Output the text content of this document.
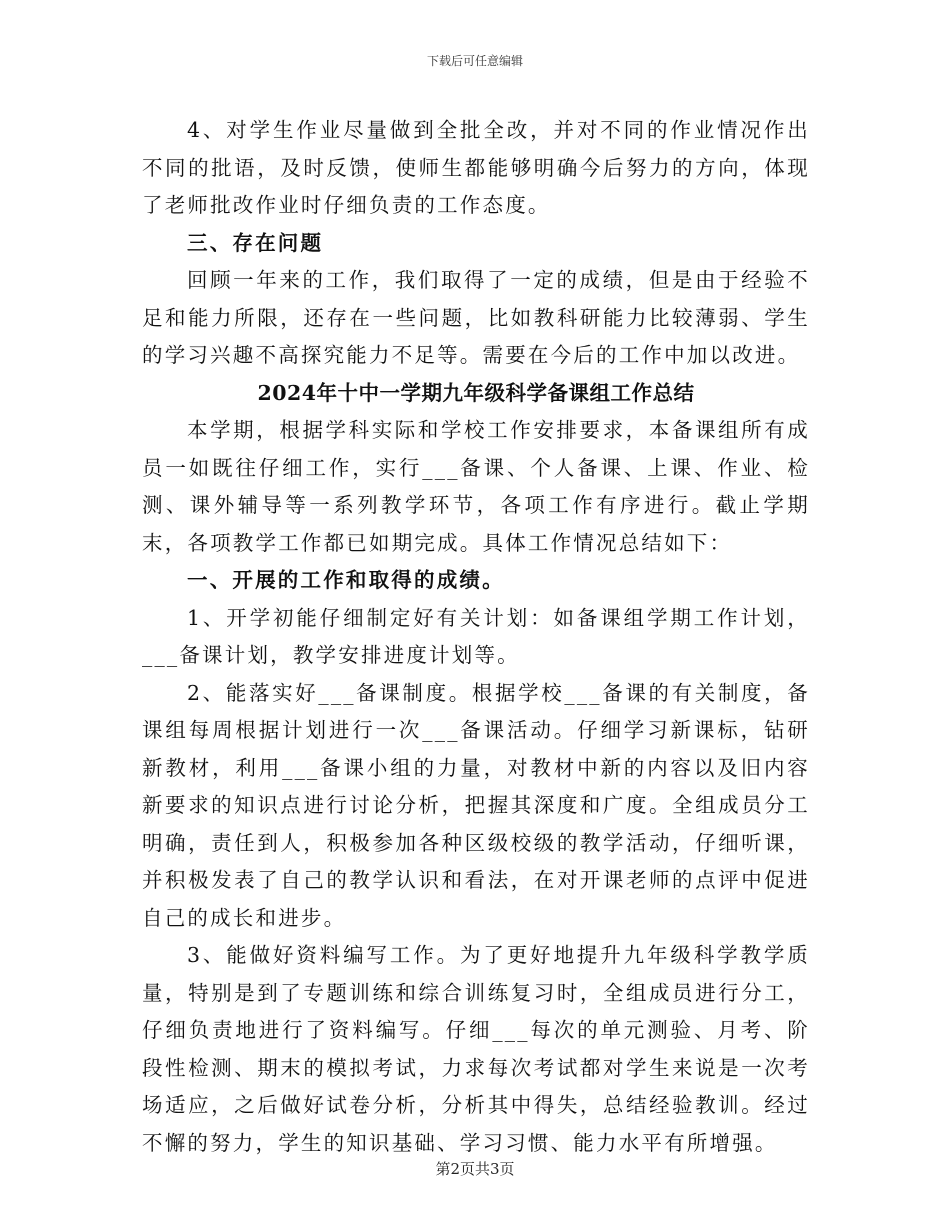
下载后可任意编辑

4、对学生作业尽量做到全批全改，并对不同的作业情况作出不同的批语，及时反馈，使师生都能够明确今后努力的方向，体现了老师批改作业时仔细负责的工作态度。

三、存在问题

回顾一年来的工作，我们取得了一定的成绩，但是由于经验不足和能力所限，还存在一些问题，比如教科研能力比较薄弱、学生的学习兴趣不高探究能力不足等。需要在今后的工作中加以改进。

2024年十中一学期九年级科学备课组工作总结

本学期，根据学科实际和学校工作安排要求，本备课组所有成员一如既往仔细工作，实行___备课、个人备课、上课、作业、检测、课外辅导等一系列教学环节，各项工作有序进行。截止学期末，各项教学工作都已如期完成。具体工作情况总结如下：

一、开展的工作和取得的成绩。

1、开学初能仔细制定好有关计划：如备课组学期工作计划，___备课计划，教学安排进度计划等。

2、能落实好___备课制度。根据学校___备课的有关制度，备课组每周根据计划进行一次___备课活动。仔细学习新课标，钻研新教材，利用___备课小组的力量，对教材中新的内容以及旧内容新要求的知识点进行讨论分析，把握其深度和广度。全组成员分工明确，责任到人，积极参加各种区级校级的教学活动，仔细听课，并积极发表了自己的教学认识和看法，在对开课老师的点评中促进自己的成长和进步。

3、能做好资料编写工作。为了更好地提升九年级科学教学质量，特别是到了专题训练和综合训练复习时，全组成员进行分工，仔细负责地进行了资料编写。仔细___每次的单元测验、月考、阶段性检测、期末的模拟考试，力求每次考试都对学生来说是一次考场适应，之后做好试卷分析，分析其中得失，总结经验教训。经过不懈的努力，学生的知识基础、学习习惯、能力水平有所增强。

第2页共3页
